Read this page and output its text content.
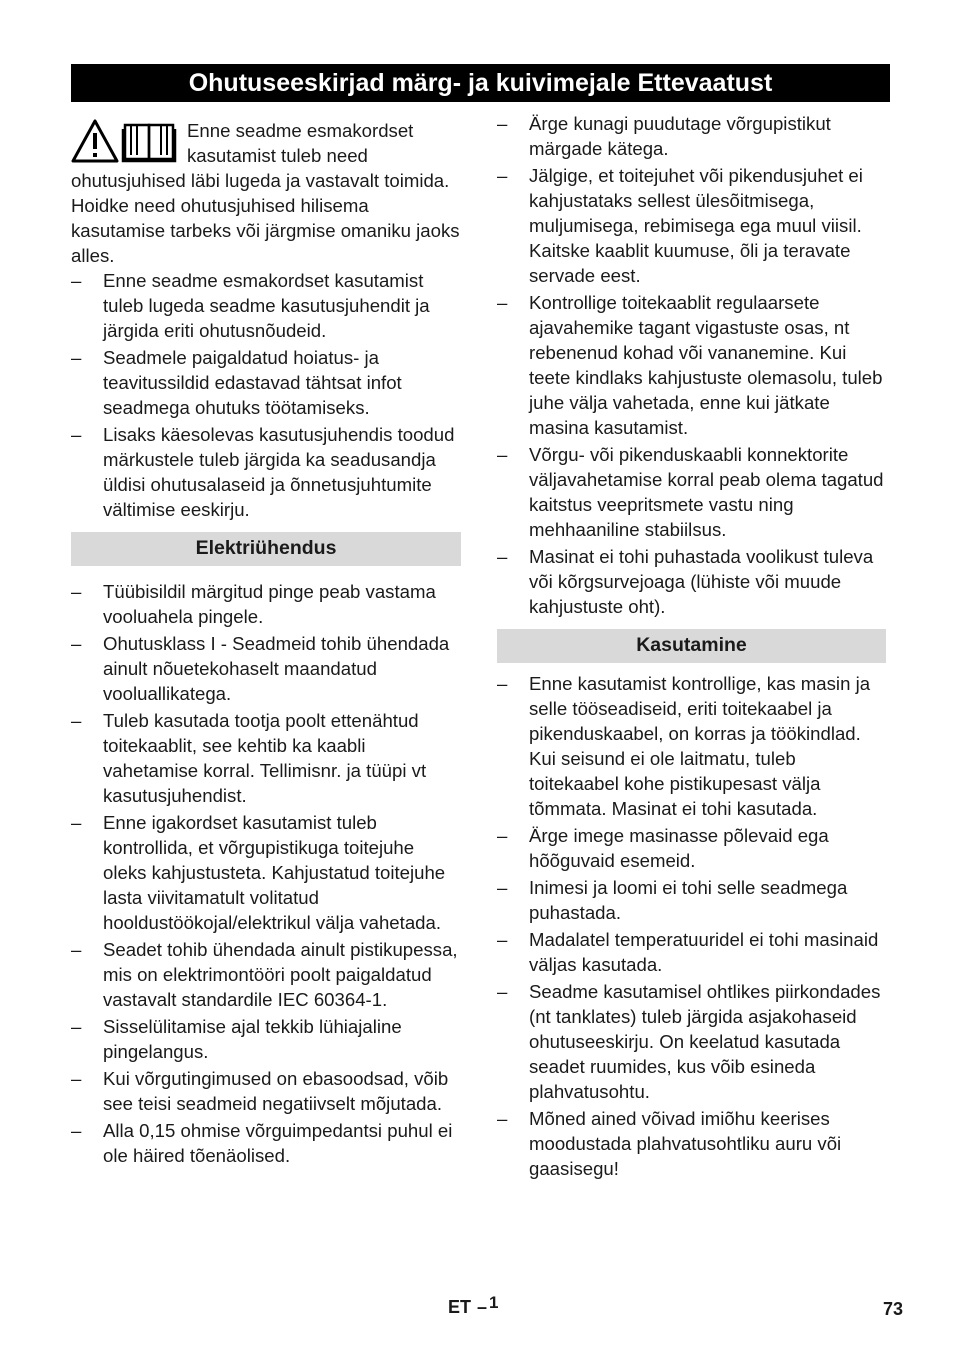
Ohutuseeskirjad märg- ja kuivimejale Ettevaatust
Enne seadme esmakordset kasutamist tuleb need ohutusjuhised läbi lugeda ja vastavalt toimida. Hoidke need ohutusjuhised hilisema kasutamise tarbeks või järgmise omaniku jaoks alles.
– Enne seadme esmakordset kasutamist tuleb lugeda seadme kasutusjuhendit ja järgida eriti ohutusnõudeid.
– Seadmele paigaldatud hoiatus- ja teavitussildid edastavad tähtsat infot seadmega ohutuks töötamiseks.
– Lisaks käesolevas kasutusjuhendis toodud märkustele tuleb järgida ka seadusandja üldisi ohutusalaseid ja õnnetusjuhtumite vältimise eeskirju.
Elektriühendus
– Tüübisildil märgitud pinge peab vastama vooluahela pingele.
– Ohutusklass I - Seadmeid tohib ühendada ainult nõuetekohaselt maandatud vooluallikatega.
– Tuleb kasutada tootja poolt ettenähtud toitekaablit, see kehtib ka kaabli vahetamise korral. Tellimisnr. ja tüüpi vt kasutusjuhendist.
– Enne igakordset kasutamist tuleb kontrollida, et võrgupistikuga toitejuhe oleks kahjustusteta. Kahjustatud toitejuhe lasta viivitamatult volitatud hooldustöökojal/elektrikul välja vahetada.
– Seadet tohib ühendada ainult pistikupessa, mis on elektrimontööri poolt paigaldatud vastavalt standardile IEC 60364-1.
– Sisselülitamise ajal tekkib lühiajaline pingelangus.
– Kui võrgutingimused on ebasoodsad, võib see teisi seadmeid negatiivselt mõjutada.
– Alla 0,15 ohmise võrguimpedantsi puhul ei ole häired tõenäolised.
– Ärge kunagi puudutage võrgupistikut märgade kätega.
– Jälgige, et toitejuhet või pikendusjuhet ei kahjustataks sellest ülesõitmisega, muljumisega, rebimisega ega muul viisil. Kaitske kaablit kuumuse, õli ja teravate servade eest.
– Kontrollige toitekaablit regulaarsete ajavahemike tagant vigastuste osas, nt rebenenud kohad või vananemine. Kui teete kindlaks kahjustuste olemasolu, tuleb juhe välja vahetada, enne kui jätkate masina kasutamist.
– Võrgu- või pikenduskaabli konnektorite väljavahetamise korral peab olema tagatud kaitstus veepritsmete vastu ning mehhaaniline stabiilsus.
– Masinat ei tohi puhastada voolikust tuleva või kõrgsurvejoaga (lühiste või muude kahjustuste oht).
Kasutamine
– Enne kasutamist kontrollige, kas masin ja selle tööseadiseid, eriti toitekaabel ja pikenduskaabel, on korras ja töökindlad. Kui seisund ei ole laitmatu, tuleb toitekaabel kohe pistikupesast välja tõmmata. Masinat ei tohi kasutada.
– Ärge imege masinasse põlevaid ega hõõguvaid esemeid.
– Inimesi ja loomi ei tohi selle seadmega puhastada.
– Madalatel temperatuuridel ei tohi masinaid väljas kasutada.
– Seadme kasutamisel ohtlikes piirkondades (nt tanklates) tuleb järgida asjakohaseid ohutuseeskirju. On keelatud kasutada seadet ruumides, kus võib esineda plahvatusohtu.
– Mõned ained võivad imiõhu keerises moodustada plahvatusohtliku auru või gaasisegu!
ET – 1	73
